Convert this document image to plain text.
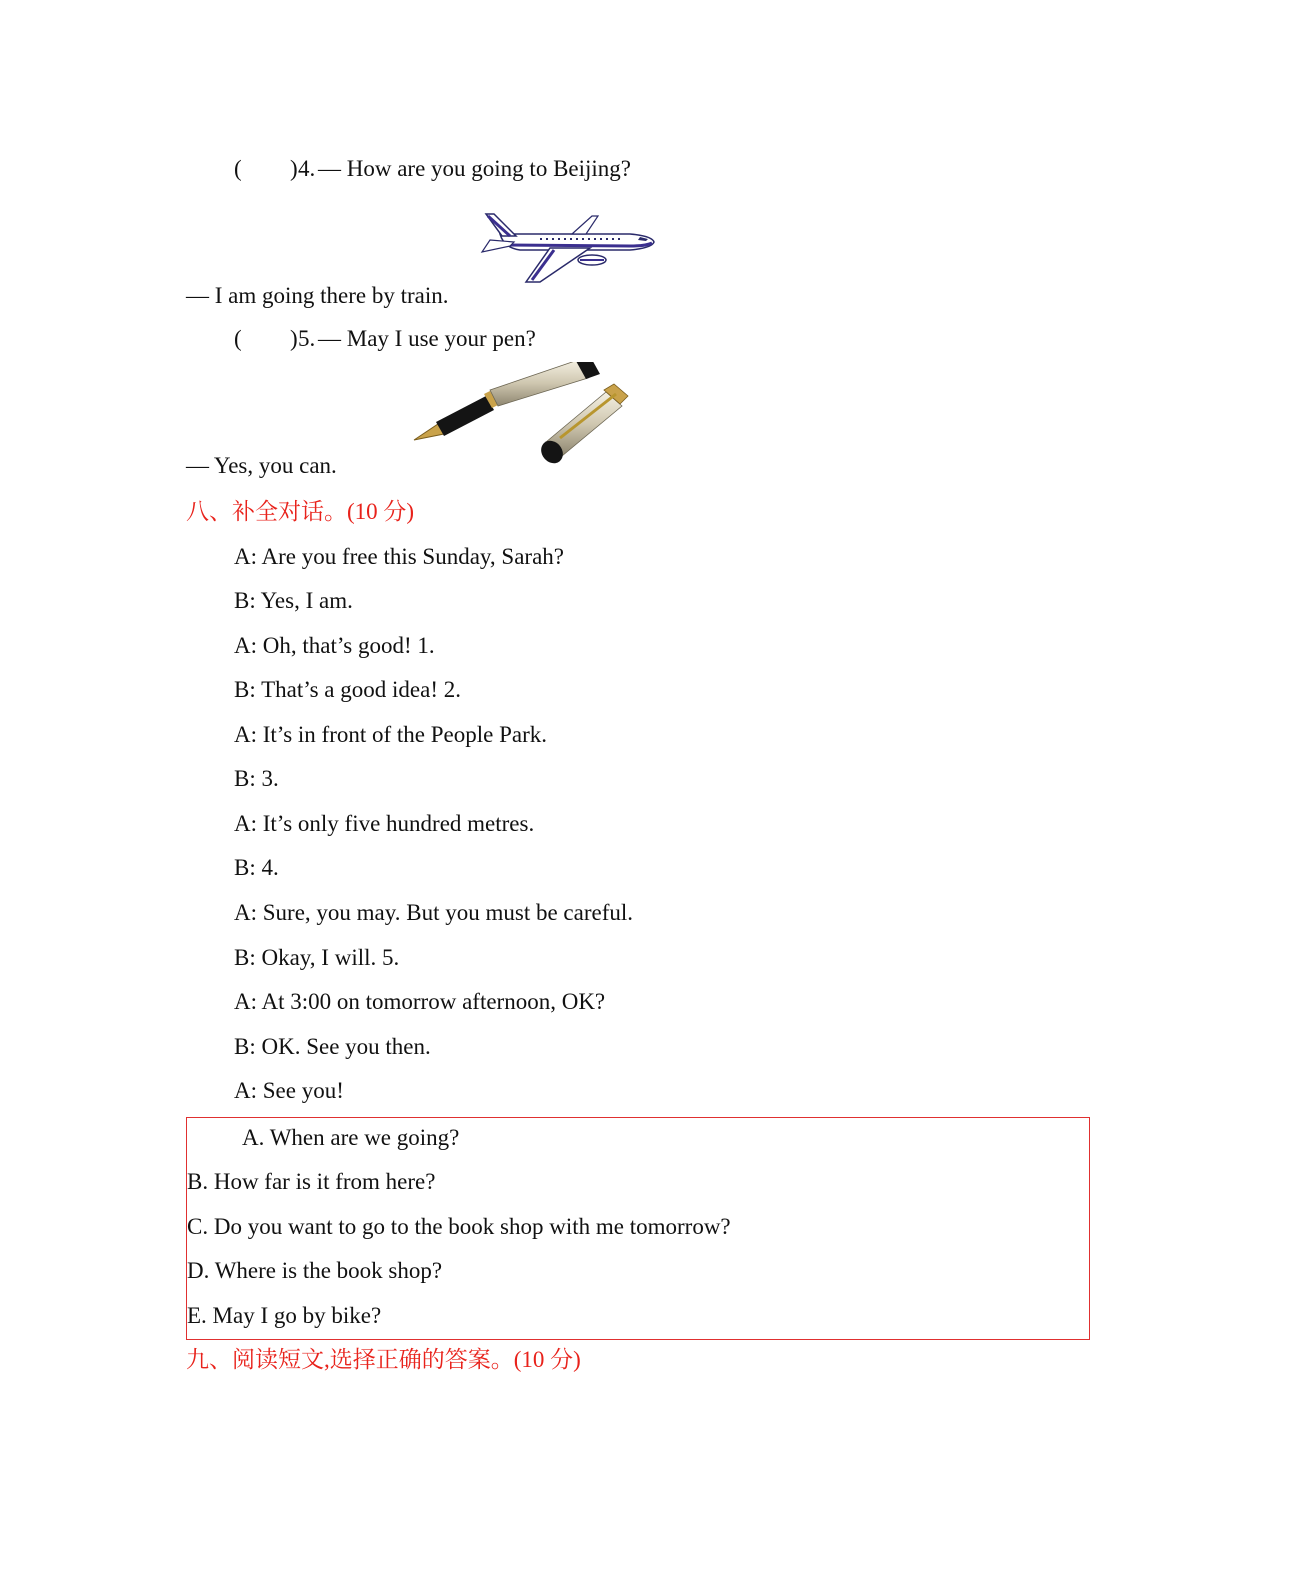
( ) 4. — How are you going to Beijing?
— I am going there by train.
( ) 5. — May I use your pen?
— Yes, you can.
八、补全对话。(10 分)
A: Are you free this Sunday, Sarah?
B: Yes, I am.
A: Oh, that’s good! 1.
B: That’s a good idea! 2.
A: It’s in front of the People Park.
B: 3.
A: It’s only five hundred metres.
B: 4.
A: Sure, you may. But you must be careful.
B: Okay, I will. 5.
A: At 3:00 on tomorrow afternoon, OK?
B: OK. See you then.
A: See you!
A. When are we going?
B. How far is it from here?
C. Do you want to go to the book shop with me tomorrow?
D. Where is the book shop?
E. May I go by bike?
九、阅读短文,选择正确的答案。(10 分)
